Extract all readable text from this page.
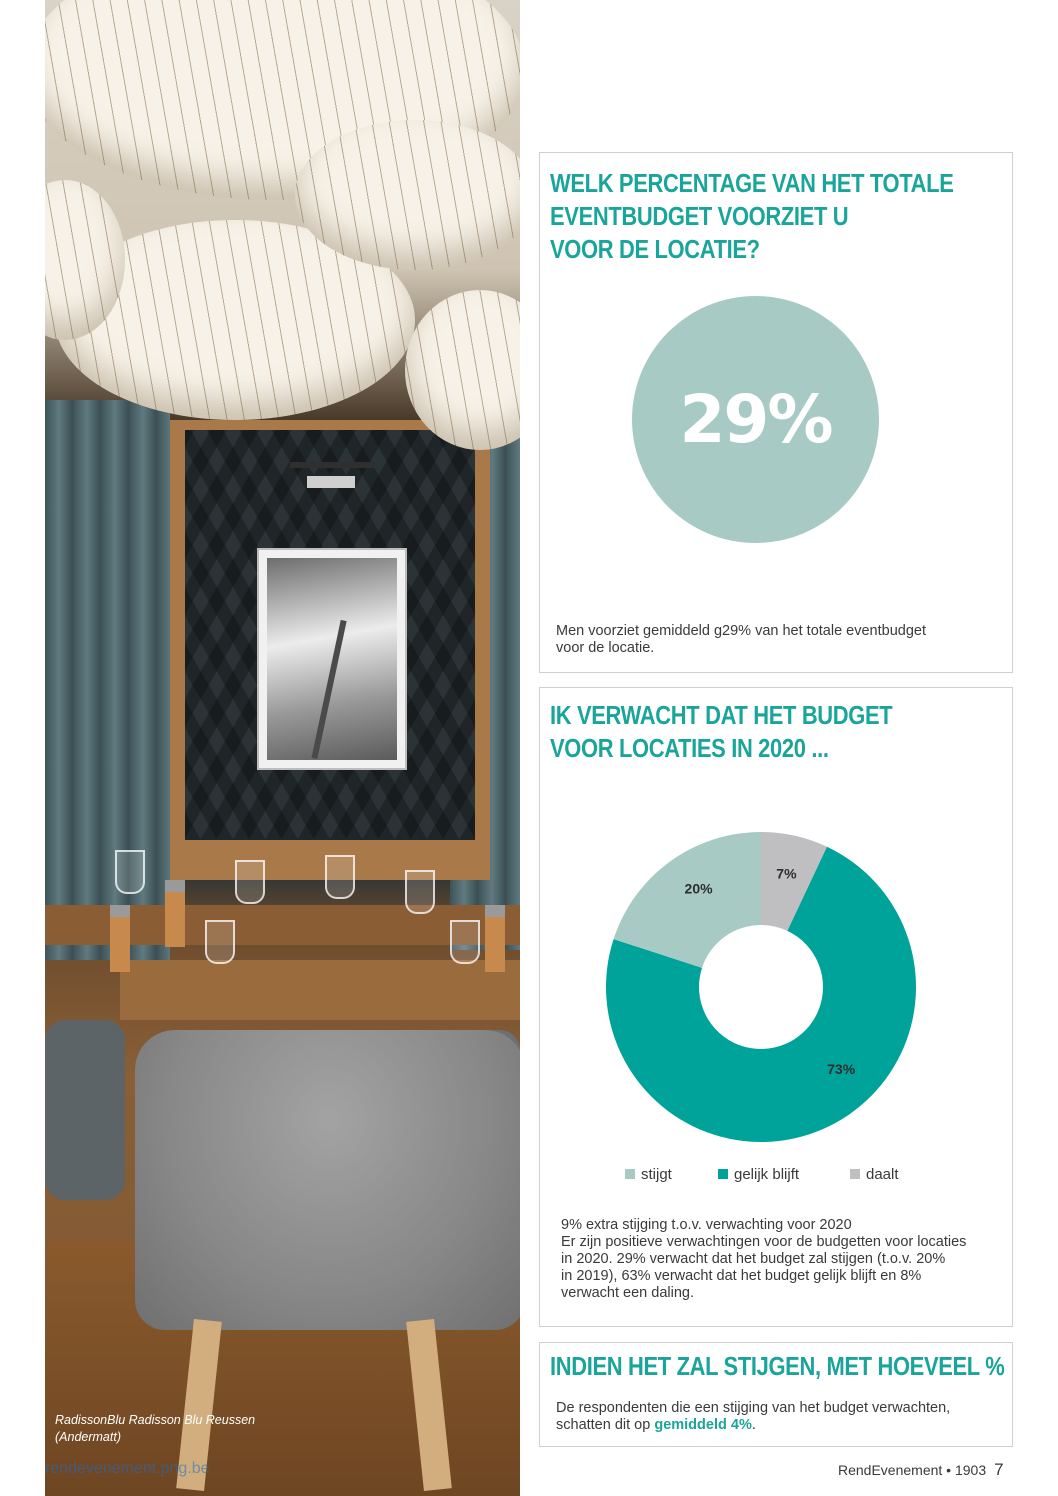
RadissonBlu Radisson Blu Reussen
(Andermatt)
rendevenement.png.be
WELK PERCENTAGE VAN HET TOTALE
EVENTBUDGET VOORZIET U
VOOR DE LOCATIE?
29%
Men voorziet gemiddeld g29% van het totale eventbudget
voor de locatie.
IK VERWACHT DAT HET BUDGET
VOOR LOCATIES IN 2020 ...
7%
73%
20%
stijgt	gelijk blijft	daalt
9% extra stijging t.o.v. verwachting voor 2020
Er zijn positieve verwachtingen voor de budgetten voor locaties
in 2020. 29% verwacht dat het budget zal stijgen (t.o.v. 20%
in 2019), 63% verwacht dat het budget gelijk blijft en 8%
verwacht een daling.
INDIEN HET ZAL STIJGEN, MET HOEVEEL %
De respondenten die een stijging van het budget verwachten,
schatten dit op gemiddeld 4%.
RendEvenement • 1903 7
